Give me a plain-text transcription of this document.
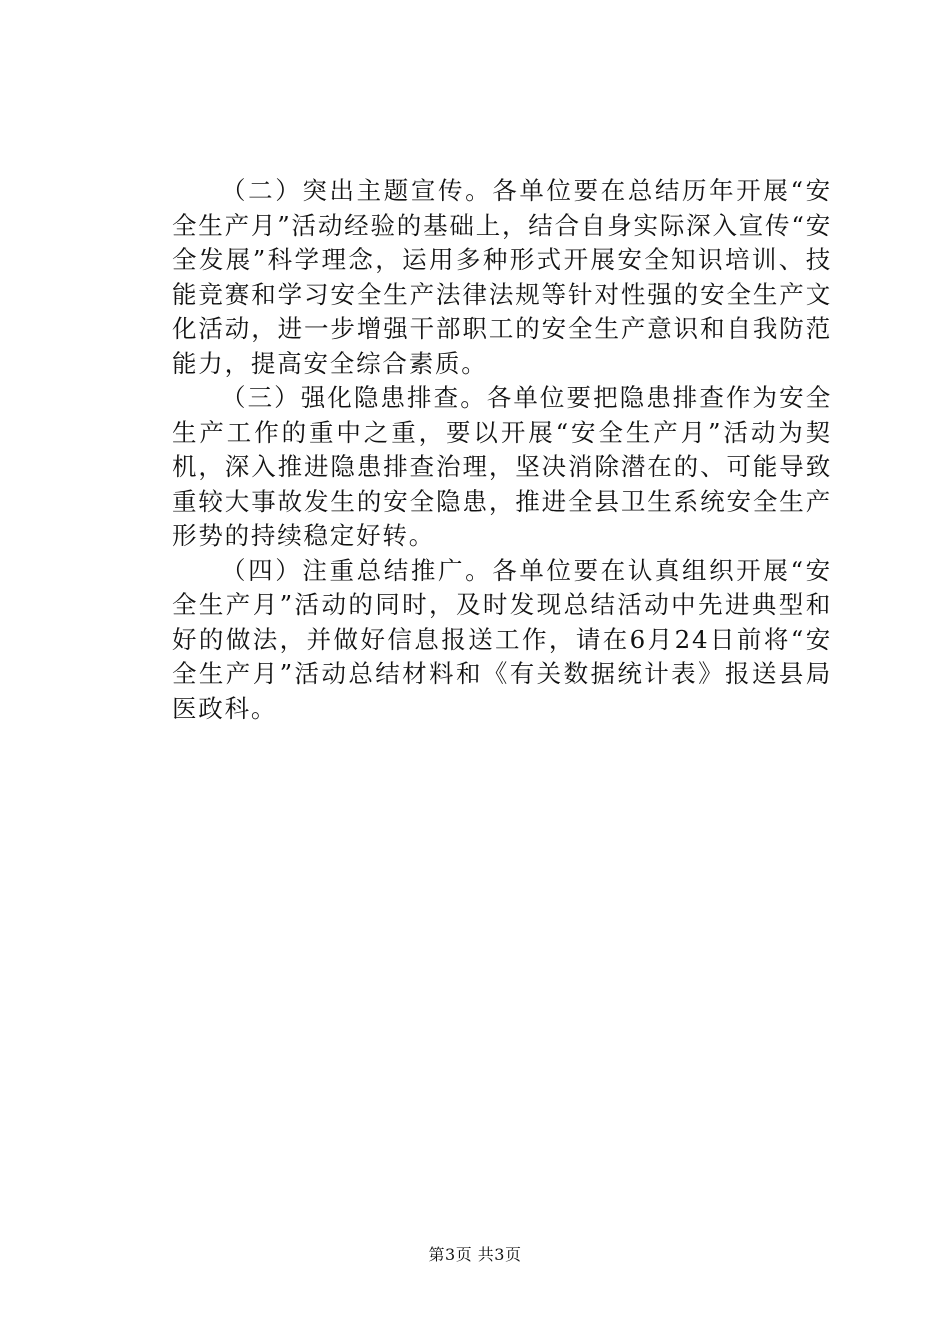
（二）突出主题宣传。各单位要在总结历年开展“安全生产月”活动经验的基础上，结合自身实际深入宣传“安全发展”科学理念，运用多种形式开展安全知识培训、技能竞赛和学习安全生产法律法规等针对性强的安全生产文化活动，进一步增强干部职工的安全生产意识和自我防范能力，提高安全综合素质。

（三）强化隐患排查。各单位要把隐患排查作为安全生产工作的重中之重，要以开展“安全生产月”活动为契机，深入推进隐患排查治理，坚决消除潜在的、可能导致重较大事故发生的安全隐患，推进全县卫生系统安全生产形势的持续稳定好转。

（四）注重总结推广。各单位要在认真组织开展“安全生产月”活动的同时，及时发现总结活动中先进典型和好的做法，并做好信息报送工作，请在6月24日前将“安全生产月”活动总结材料和《有关数据统计表》报送县局医政科。

第3页 共3页
